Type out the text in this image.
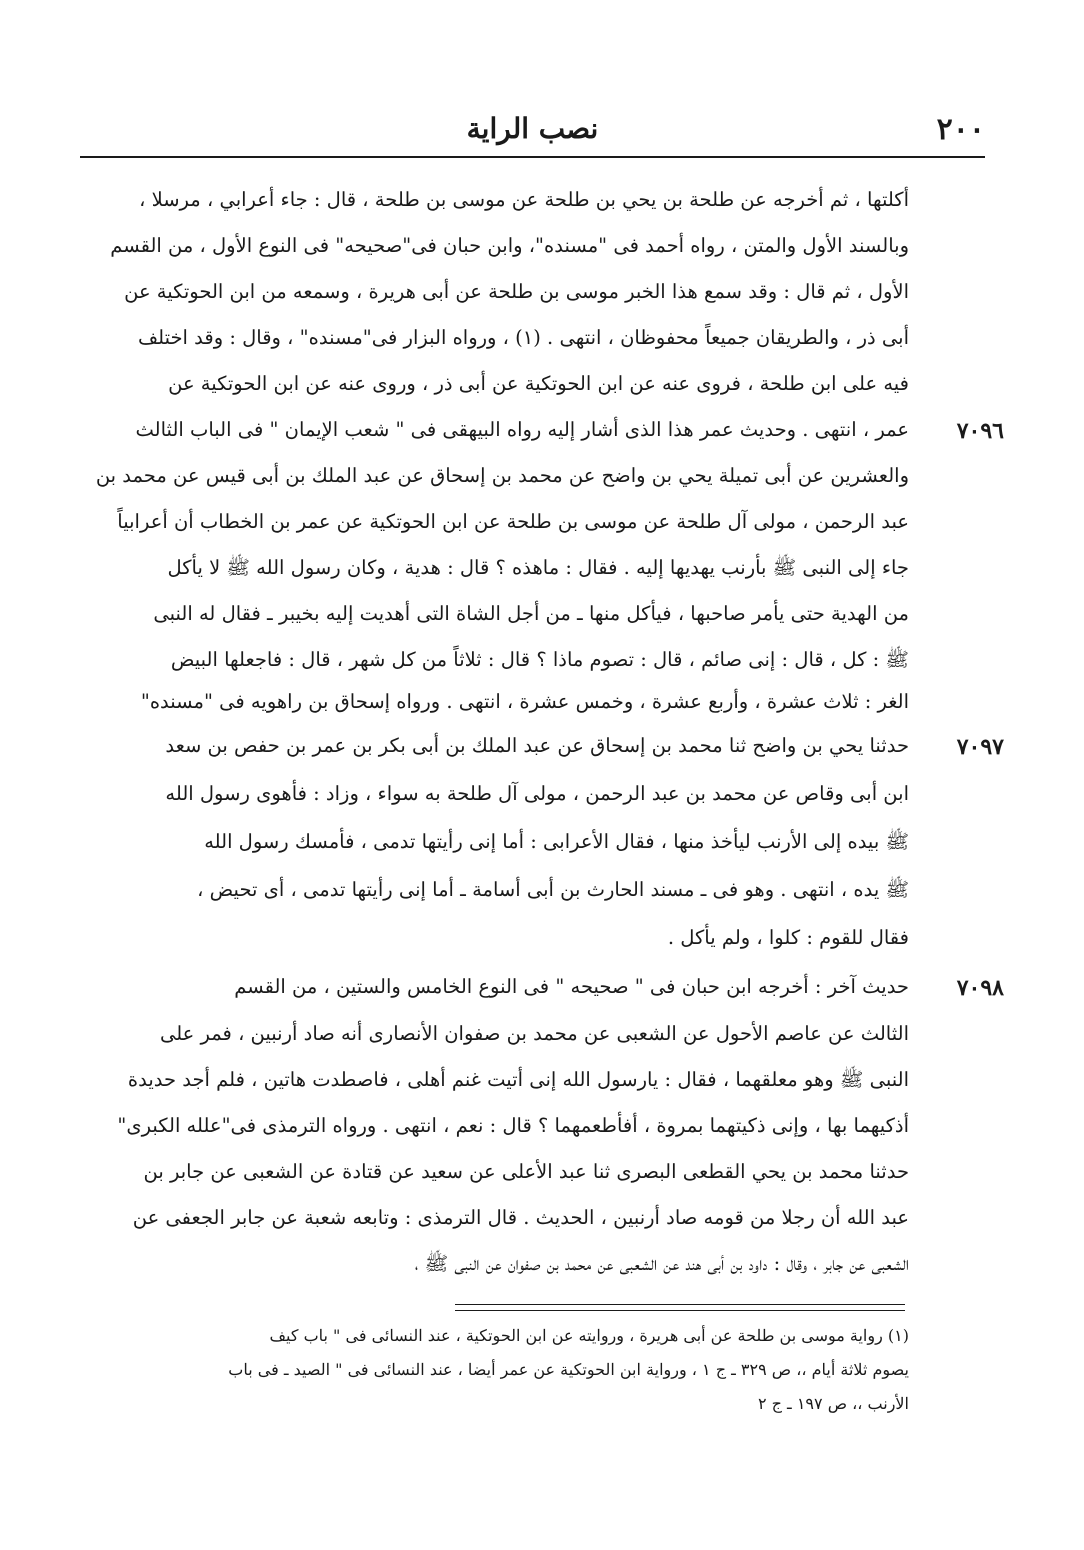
٢٠٠
نصب الراية
٧٠٩٦
٧٠٩٧
٧٠٩٨
أكلتها ، ثم أخرجه عن طلحة بن يحي بن طلحة عن موسى بن طلحة ، قال : جاء أعرابي ، مرسلا ،
وبالسند الأول والمتن ، رواه أحمد فى "مسنده"، وابن حبان فى"صحيحه" فى النوع الأول ، من القسم
الأول ، ثم قال : وقد سمع هذا الخبر موسى بن طلحة عن أبى هريرة ، وسمعه من ابن الحوتكية عن
أبى ذر ، والطريقان جميعاً محفوظان ، انتهى . (١) ، ورواه البزار فى"مسنده" ، وقال : وقد اختلف
فيه على ابن طلحة ، فروى عنه عن ابن الحوتكية عن أبى ذر ، وروى عنه عن ابن الحوتكية عن
عمر ، انتهى . وحديث عمر هذا الذى أشار إليه رواه البيهقى فى " شعب الإيمان " فى الباب الثالث
والعشرين عن أبى تميلة يحي بن واضح عن محمد بن إسحاق عن عبد الملك بن أبى قيس عن محمد بن
عبد الرحمن ، مولى آل طلحة عن موسى بن طلحة عن ابن الحوتكية عن عمر بن الخطاب أن أعرابياً
جاء إلى النبى ﷺ بأرنب يهديها إليه . فقال : ماهذه ؟ قال : هدية ، وكان رسول الله ﷺ لا يأكل
من الهدية حتى يأمر صاحبها ، فيأكل منها ـ من أجل الشاة التى أهديت إليه بخيبر ـ فقال له النبى
ﷺ : كل ، قال : إنى صائم ، قال : تصوم ماذا ؟ قال : ثلاثاً من كل شهر ، قال : فاجعلها البيض
الغر : ثلاث عشرة ، وأربع عشرة ، وخمس عشرة ، انتهى . ورواه إسحاق بن راهويه فى "مسنده"
حدثنا يحي بن واضح ثنا محمد بن إسحاق عن عبد الملك بن أبى بكر بن عمر بن حفص بن سعد
ابن أبى وقاص عن محمد بن عبد الرحمن ، مولى آل طلحة به سواء ، وزاد : فأهوى رسول الله
ﷺ بيده إلى الأرنب ليأخذ منها ، فقال الأعرابى : أما إنى رأيتها تدمى ، فأمسك رسول الله
ﷺ يده ، انتهى . وهو فى ـ مسند الحارث بن أبى أسامة ـ أما إنى رأيتها تدمى ، أى تحيض ،
فقال للقوم : كلوا ، ولم يأكل .
حديث آخر : أخرجه ابن حبان فى " صحيحه " فى النوع الخامس والستين ، من القسم
الثالث عن عاصم الأحول عن الشعبى عن محمد بن صفوان الأنصارى أنه صاد أرنبين ، فمر على
النبى ﷺ وهو معلقهما ، فقال : يارسول الله إنى أتيت غنم أهلى ، فاصطدت هاتين ، فلم أجد حديدة
أذكيهما بها ، وإنى ذكيتهما بمروة ، أفأطعمهما ؟ قال : نعم ، انتهى . ورواه الترمذى فى"علله الكبرى"
حدثنا محمد بن يحي القطعى البصرى ثنا عبد الأعلى عن سعيد عن قتادة عن الشعبى عن جابر بن
عبد الله أن رجلا من قومه صاد أرنبين ، الحديث . قال الترمذى : وتابعه شعبة عن جابر الجعفى عن
الشعبى عن جابر ، وقال : داود بن أبى هند عن الشعبى عن محمد بن صفوان عن النبى ﷺ ،
(١) رواية موسى بن طلحة عن أبى هريرة ، وروايته عن ابن الحوتكية ، عند النسائى فى " باب كيف
يصوم ثلاثة أيام ،، ص ٣٢٩ ـ ج ١ ، ورواية ابن الحوتكية عن عمر أيضا ، عند النسائى فى " الصيد ـ فى باب
الأرنب ،، ص ١٩٧ ـ ج ٢
